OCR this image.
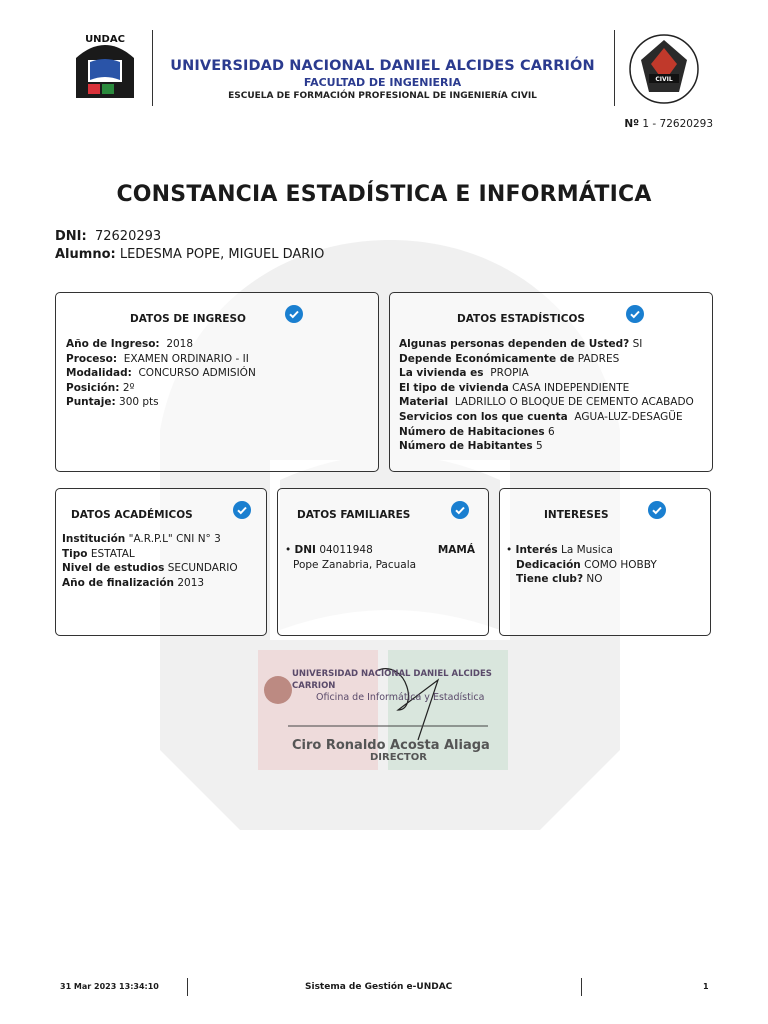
UNIVERSIDAD NACIONAL DANIEL ALCIDES CARRION
Oficina de Informática y Estadística
Ciro Ronaldo Acosta Aliaga
DIRECTOR
UNDAC
UNIVERSIDAD NACIONAL DANIEL ALCIDES CARRIÓN
FACULTAD DE INGENIERIA
ESCUELA DE FORMACIÓN PROFESIONAL DE INGENIERíA CIVIL
CIVIL
Nº 1 - 72620293
CONSTANCIA ESTADÍSTICA E INFORMÁTICA
DNI: 72620293
Alumno: LEDESMA POPE, MIGUEL DARIO
DATOS DE INGRESO
Año de Ingreso: 2018
Proceso: EXAMEN ORDINARIO - II
Modalidad: CONCURSO ADMISIÓN
Posición: 2º
Puntaje: 300 pts
DATOS ESTADÍSTICOS
Algunas personas dependen de Usted? SI
Depende Económicamente de PADRES
La vivienda es PROPIA
El tipo de vivienda CASA INDEPENDIENTE
Material LADRILLO O BLOQUE DE CEMENTO ACABADO
Servicios con los que cuenta AGUA-LUZ-DESAGÜE
Número de Habitaciones 6
Número de Habitantes 5
DATOS ACADÉMICOS
Institución "A.R.P.L" CNI N° 3
Tipo ESTATAL
Nivel de estudios SECUNDARIO
Año de finalización 2013
DATOS FAMILIARES
• DNI 04011948	MAMÁ
Pope Zanabria, Pacuala
INTERESES
• Interés La Musica
Dedicación COMO HOBBY
Tiene club? NO
31 Mar 2023 13:34:10	Sistema de Gestión e-UNDAC	1
